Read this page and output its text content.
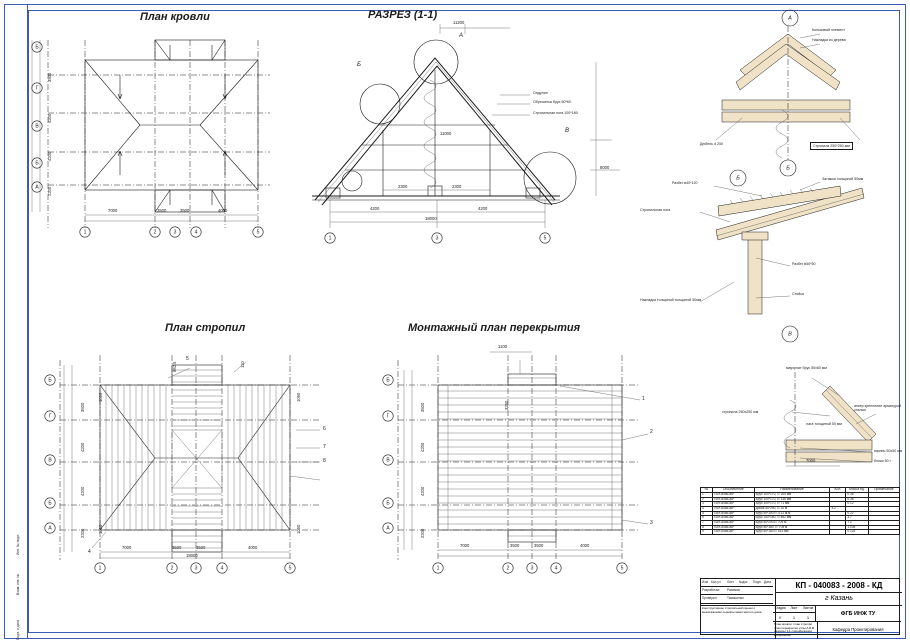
Подп. и дата
Взам. инв. №
Инв. № подл.
План кровли	РАЗРЕЗ (1-1)
План стропил	Монтажный план перекрытия
Б
Г
В
Б
А
1	2	3	4	5
3500
4200
4200
2200
7000	3500	3500	4000
1	3	5
11200
А
Б
В
Ондулин
Обрешетка брус 60*60
Стропильная нога 100*180
11000
8000
2300	2300
4200	4200
18000
А
Б
Коньковый элемент
Накладка из дерева
Дюбель d 250	Стропила 250*250-мм
Б
Разбег в40*120
Затяжка толщиной 50мм
Стропильная нога
Разбег в50*50
Стойка
Накладка толщиной толщиной 50мм
В
мауэрлат брус 50х60 мм
стропила 250х250 мм
лага толщиной 50 мм
анкер крепление арматурой сталью
кирпич 50х50 мм
блоки 50 г
7000
Б
Г
В
Б
А
1	2	3	4	5
3500
4200
4200
2200
7000	3500	3500	4000
18000
1050	1050
1050	1050
862.5	110
5
6
7
8
4
Б
Г
В
Б
А
1	2	3	4	5
1100
3250
3500
4200
4200
2200
7000	3500	3500	4000
1
2
3
№	Обозначение	Наименование	Кол.	Масса ед.	Примечание
1	Гост-8486-86*	Брус 100*170, l= 205 мм		0.36	
2	Гост-8486-86*	Брус 100*170, l= 136 мм		0.36	
3	Гост-8486-86*	Брус 100*170, l= 71 мм		0.12	
4	Гост-8486-86*	Доска 50*250, l= 32 м	4.2		
5	Гост-8486-86*	Брус 50*100 l= 4.12 м.м		0.22	
6	Гост-8486-86*	Брус 100*180, l= 852 мм		3.7	
7	Гост-8486-86*	Брус 50*200 l= 705 м		7.1	
8	Гост-8486-86*	Брус 50*180, l= 705 м		1.105	
9	Гост-8486-86*	Брус 50*180 l= 514 мм		0.125	
Изм Кол.уч Лист №док Подп. Дата
Разработал Рахимов
Проверил	Тимошенко
КП - 040083 - 2008 - КД
г Казань
Конструктивное стропильной крыши с межэтажными перекрытиями жилого дома
Стадия	Лист	Листов
У	1	1
План кровли, план стропил план перекрытия узлы А,Б,В разрезы 1-1 спецификация материалов
ФГБ ИНЖ ТУ
Кафедра Проектирования
